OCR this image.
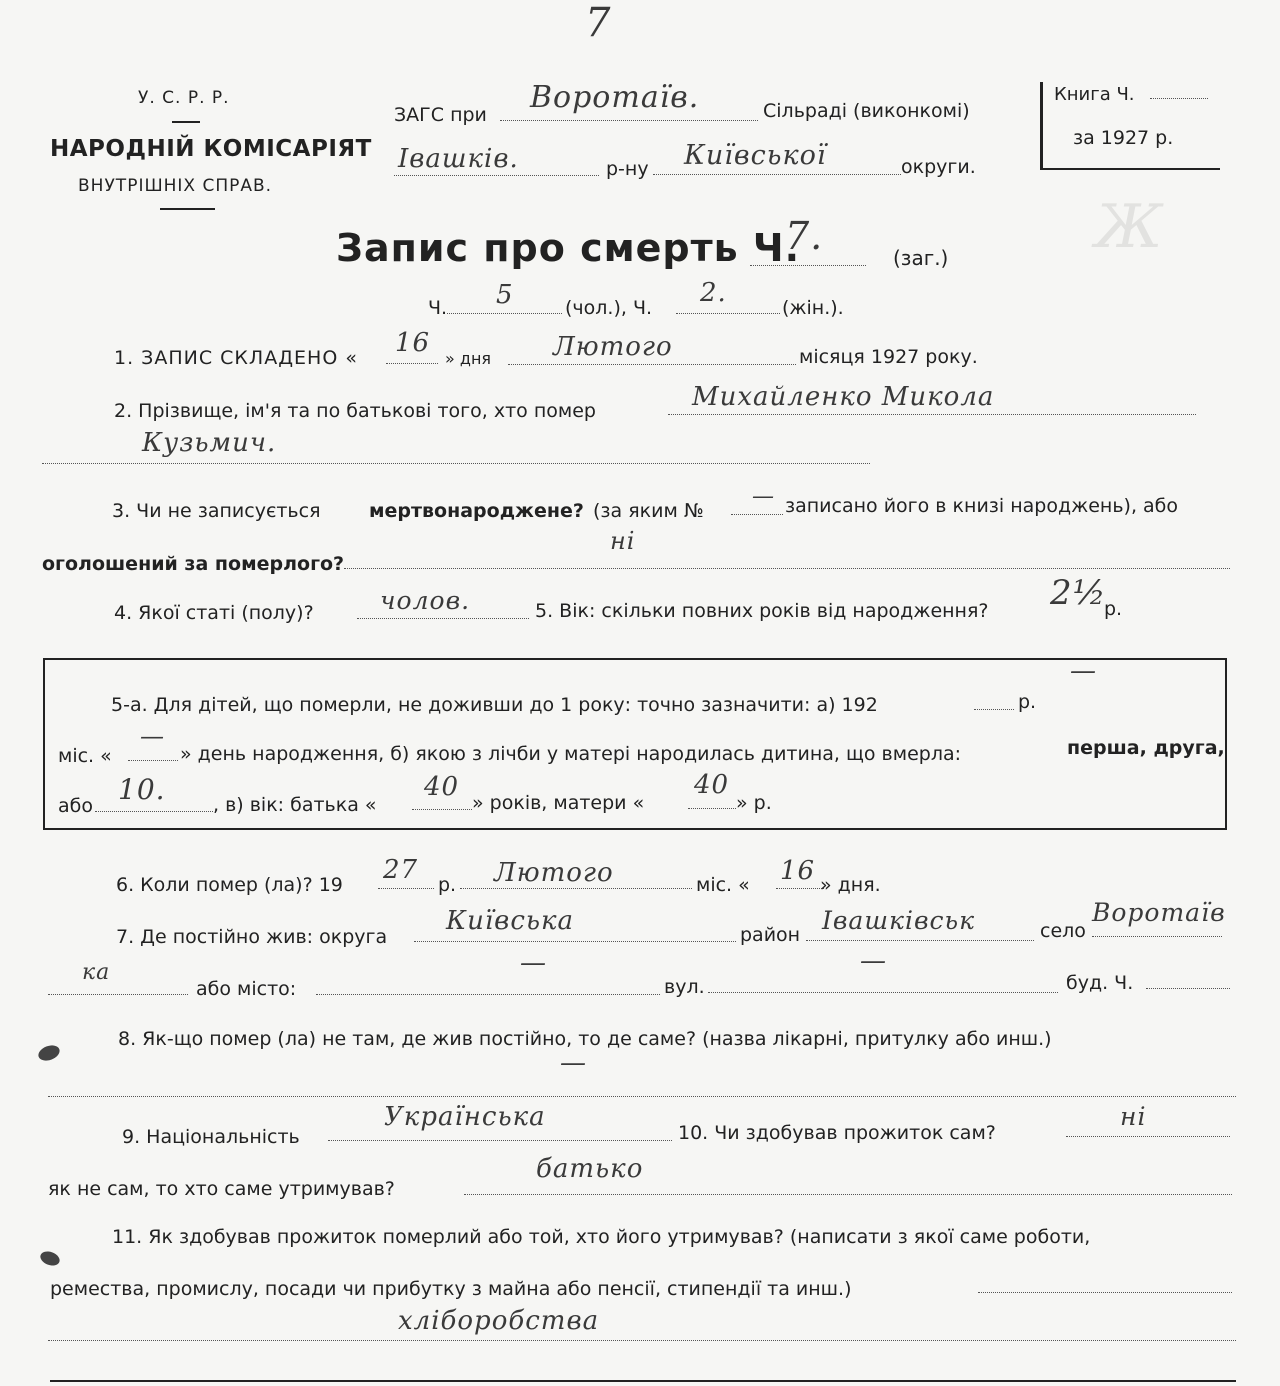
7
У. С. Р. Р.
НАРОДНІЙ КОМІСАРІЯТ
ВНУТРІШНІХ СПРАВ.
ЗАГС при Воротаїв.	Сільраді (виконкомі)
Івашків.	р-ну Київської	округи.
Книга Ч.
за 1927 р.
Ж
Запис про смерть Ч.
7.	(заг.)
Ч. 5	(чол.), Ч. 2.	(жін.).
1. ЗАПИС СКЛАДЕНО « 16
» дня Лютого	місяця 1927 року.
2. Прізвище, ім'я та по батькові того, хто помер	Михайленко Микола
Кузьмич.
3. Чи не записується	мертвонароджене? (за яким №
— записано його в книзі народжень), або
оголошений за померлого?
ні
4. Якої статі (полу)?	чолов.	5. Вік: скільки повних років від народження? 2½
р.
5-а. Для дітей, що померли, не доживши до 1 року: точно зазначити: а) 192	р.
—
міс. «
—
» день народження, б) якою з лічби у матері народилась дитина, що вмерла:	перша, друга,
або 10. , в) вік: батька «
40
» років, матери «
40
» р.
6. Коли помер (ла)? 19 27 р. Лютого	міс. « 16 » дня.
7. Де постійно жив: округа
Київська	район Івашківськ	село
Воротаїв
ка
або місто:
—
вул.
—
буд. Ч.
8. Як-що помер (ла) не там, де жив постійно, то де саме? (назва лікарні, притулку або инш.)
—
9. Національність
Українська
10. Чи здобував прожиток сам?
ні
як не сам, то хто саме утримував?
батько
11. Як здобував прожиток померлий або той, хто його утримував? (написати з якої саме роботи,
ремества, промислу, посади чи прибутку з майна або пенсії, стипендії та инш.)
хліборобства
